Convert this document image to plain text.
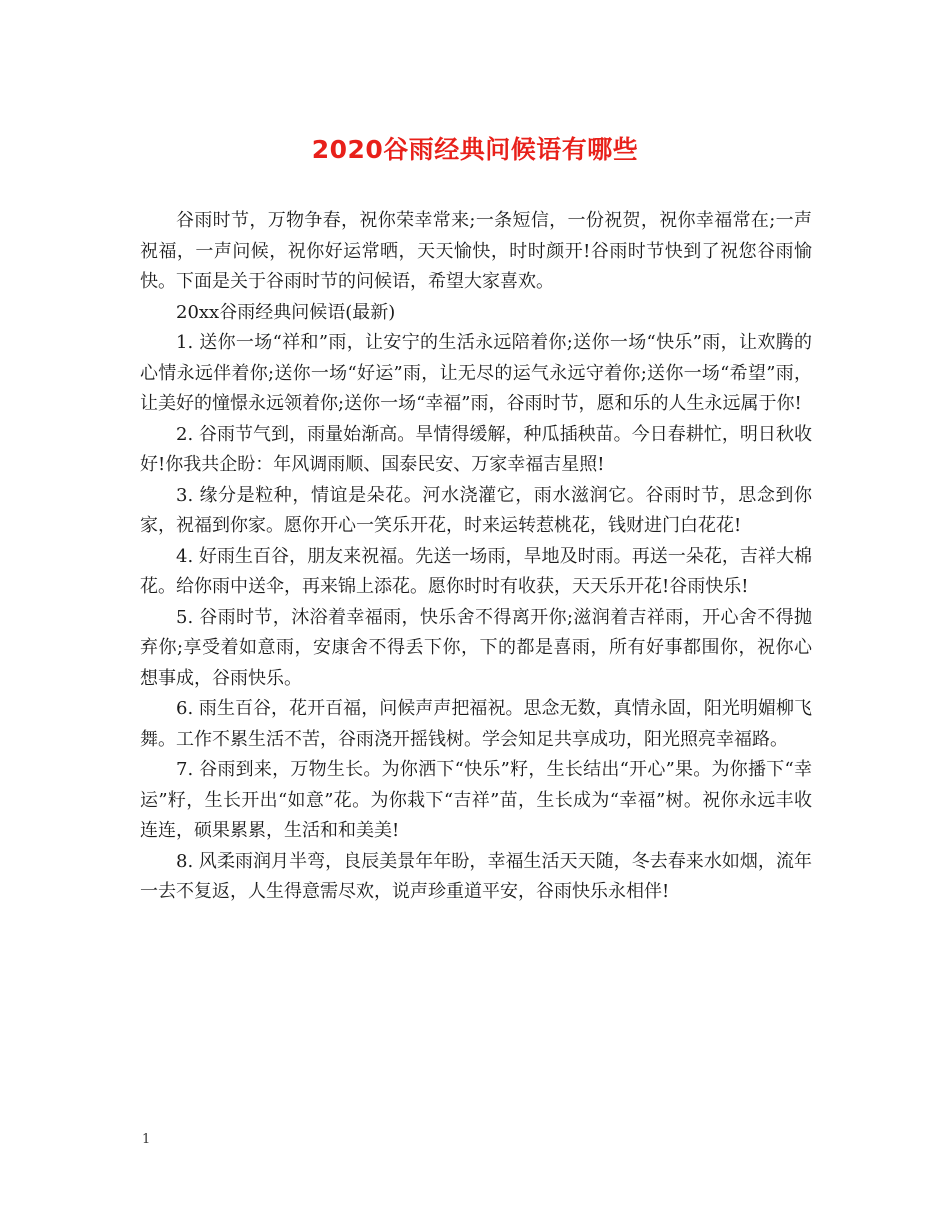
2020谷雨经典问候语有哪些

谷雨时节，万物争春，祝你荣幸常来;一条短信，一份祝贺，祝你幸福常在;一声祝福，一声问候，祝你好运常晒，天天愉快，时时颜开!谷雨时节快到了祝您谷雨愉快。下面是关于谷雨时节的问候语，希望大家喜欢。

20xx谷雨经典问候语(最新)

1. 送你一场“祥和”雨，让安宁的生活永远陪着你;送你一场“快乐”雨，让欢腾的心情永远伴着你;送你一场“好运”雨，让无尽的运气永远守着你;送你一场“希望”雨，让美好的憧憬永远领着你;送你一场“幸福”雨，谷雨时节，愿和乐的人生永远属于你!

2. 谷雨节气到，雨量始渐高。旱情得缓解，种瓜插秧苗。今日春耕忙，明日秋收好!你我共企盼：年风调雨顺、国泰民安、万家幸福吉星照!

3. 缘分是粒种，情谊是朵花。河水浇灌它，雨水滋润它。谷雨时节，思念到你家，祝福到你家。愿你开心一笑乐开花，时来运转惹桃花，钱财进门白花花!

4. 好雨生百谷，朋友来祝福。先送一场雨，旱地及时雨。再送一朵花，吉祥大棉花。给你雨中送伞，再来锦上添花。愿你时时有收获，天天乐开花!谷雨快乐!

5. 谷雨时节，沐浴着幸福雨，快乐舍不得离开你;滋润着吉祥雨，开心舍不得抛弃你;享受着如意雨，安康舍不得丢下你，下的都是喜雨，所有好事都围你，祝你心想事成，谷雨快乐。

6. 雨生百谷，花开百福，问候声声把福祝。思念无数，真情永固，阳光明媚柳飞舞。工作不累生活不苦，谷雨浇开摇钱树。学会知足共享成功，阳光照亮幸福路。

7. 谷雨到来，万物生长。为你洒下“快乐”籽，生长结出“开心”果。为你播下“幸运”籽，生长开出“如意”花。为你栽下“吉祥”苗，生长成为“幸福”树。祝你永远丰收连连，硕果累累，生活和和美美!

8. 风柔雨润月半弯，良辰美景年年盼，幸福生活天天随，冬去春来水如烟，流年一去不复返，人生得意需尽欢，说声珍重道平安，谷雨快乐永相伴!

1
